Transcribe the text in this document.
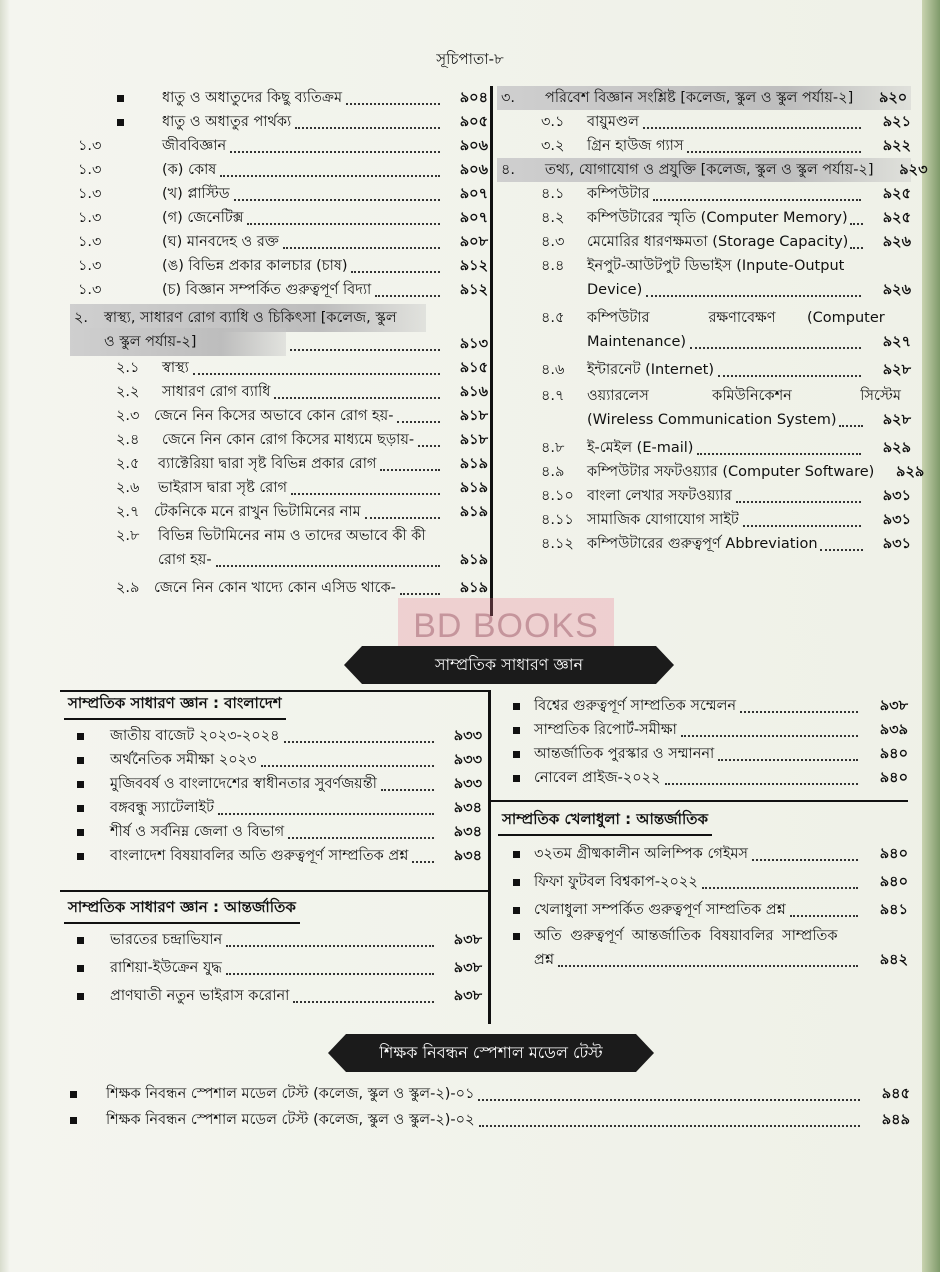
সূচিপাতা-৮
ধাতু ও অধাতুদের কিছু ব্যতিক্রম	৯০৪
ধাতু ও অধাতুর পার্থক্য	৯০৫
১.৩	জীববিজ্ঞান	৯০৬
১.৩	(ক) কোষ	৯০৬
১.৩	(খ) প্লাস্টিড	৯০৭
১.৩	(গ) জেনেটিক্স	৯০৭
১.৩	(ঘ) মানবদেহ ও রক্ত	৯০৮
১.৩	(ঙ) বিভিন্ন প্রকার কালচার (চাষ)	৯১২
১.৩	(চ) বিজ্ঞান সম্পর্কিত গুরুত্বপূর্ণ বিদ্যা	৯১২
২. স্বাস্থ্য, সাধারণ রোগ ব্যাধি ও চিকিৎসা [কলেজ, স্কুল
ও স্কুল পর্যায়-২]	৯১৩
২.১	স্বাস্থ্য	৯১৫
২.২	সাধারণ রোগ ব্যাধি	৯১৬
২.৩	জেনে নিন কিসের অভাবে কোন রোগ হয়-	৯১৮
২.৪	জেনে নিন কোন রোগ কিসের মাধ্যমে ছড়ায়-	৯১৮
২.৫	ব্যাক্টেরিয়া দ্বারা সৃষ্ট বিভিন্ন প্রকার রোগ	৯১৯
২.৬	ভাইরাস দ্বারা সৃষ্ট রোগ	৯১৯
২.৭	টেকনিকে মনে রাখুন ভিটামিনের নাম	৯১৯
২.৮	বিভিন্ন ভিটামিনের নাম ও তাদের অভাবে কী কী
রোগ হয়-	৯১৯
২.৯	জেনে নিন কোন খাদ্যে কোন এসিড থাকে-	৯১৯
৩.	পরিবেশ বিজ্ঞান সংশ্লিষ্ট [কলেজ, স্কুল ও স্কুল পর্যায়-২]	৯২০
৩.১	বায়ুমণ্ডল	৯২১
৩.২	গ্রিন হাউজ গ্যাস	৯২২
৪.	তথ্য, যোগাযোগ ও প্রযুক্তি [কলেজ, স্কুল ও স্কুল পর্যায়-২]	৯২৩
৪.১	কম্পিউটার	৯২৫
৪.২	কম্পিউটারের স্মৃতি (Computer Memory)	৯২৫
৪.৩	মেমোরির ধারণক্ষমতা (Storage Capacity)	৯২৬
৪.৪	ইনপুট-আউটপুট ডিভাইস (Inpute-Output
Device)	৯২৬
৪.৫	কম্পিউটার	রক্ষণাবেক্ষণ	(Computer
Maintenance)	৯২৭
৪.৬	ইন্টারনেট (Internet)	৯২৮
৪.৭	ওয়্যারলেস	কমিউনিকেশন	সিস্টেম
(Wireless Communication System)	৯২৮
৪.৮	ই-মেইল (E-mail)	৯২৯
৪.৯	কম্পিউটার সফটওয়্যার (Computer Software)	৯২৯
৪.১০ বাংলা লেখার সফটওয়্যার	৯৩১
৪.১১ সামাজিক যোগাযোগ সাইট	৯৩১
৪.১২ কম্পিউটারের গুরুত্বপূর্ণ Abbreviation	৯৩১
BD BOOKS
সাম্প্রতিক সাধারণ জ্ঞান
সাম্প্রতিক সাধারণ জ্ঞান : বাংলাদেশ
জাতীয় বাজেট ২০২৩-২০২৪	৯৩৩
অর্থনৈতিক সমীক্ষা ২০২৩	৯৩৩
মুজিববর্ষ ও বাংলাদেশের স্বাধীনতার সুবর্ণজয়ন্তী	৯৩৩
বঙ্গবন্ধু স্যাটেলাইট	৯৩৪
শীর্ষ ও সর্বনিম্ন জেলা ও বিভাগ	৯৩৪
বাংলাদেশ বিষয়াবলির অতি গুরুত্বপূর্ণ সাম্প্রতিক প্রশ্ন	৯৩৪
সাম্প্রতিক সাধারণ জ্ঞান : আন্তর্জাতিক
ভারতের চন্দ্রাভিযান	৯৩৮
রাশিয়া-ইউক্রেন যুদ্ধ	৯৩৮
প্রাণঘাতী নতুন ভাইরাস করোনা	৯৩৮
বিশ্বের গুরুত্বপূর্ণ সাম্প্রতিক সম্মেলন	৯৩৮
সাম্প্রতিক রিপোর্ট-সমীক্ষা	৯৩৯
আন্তর্জাতিক পুরস্কার ও সম্মাননা	৯৪০
নোবেল প্রাইজ-২০২২	৯৪০
সাম্প্রতিক খেলাধুলা : আন্তর্জাতিক
৩২তম গ্রীষ্মকালীন অলিম্পিক গেইমস	৯৪০
ফিফা ফুটবল বিশ্বকাপ-২০২২	৯৪০
খেলাধুলা সম্পর্কিত গুরুত্বপূর্ণ সাম্প্রতিক প্রশ্ন	৯৪১
অতি গুরুত্বপূর্ণ আন্তর্জাতিক বিষয়াবলির সাম্প্রতিক
প্রশ্ন	৯৪২
শিক্ষক নিবন্ধন স্পেশাল মডেল টেস্ট
শিক্ষক নিবন্ধন স্পেশাল মডেল টেস্ট (কলেজ, স্কুল ও স্কুল-২)-০১	৯৪৫
শিক্ষক নিবন্ধন স্পেশাল মডেল টেস্ট (কলেজ, স্কুল ও স্কুল-২)-০২	৯৪৯
